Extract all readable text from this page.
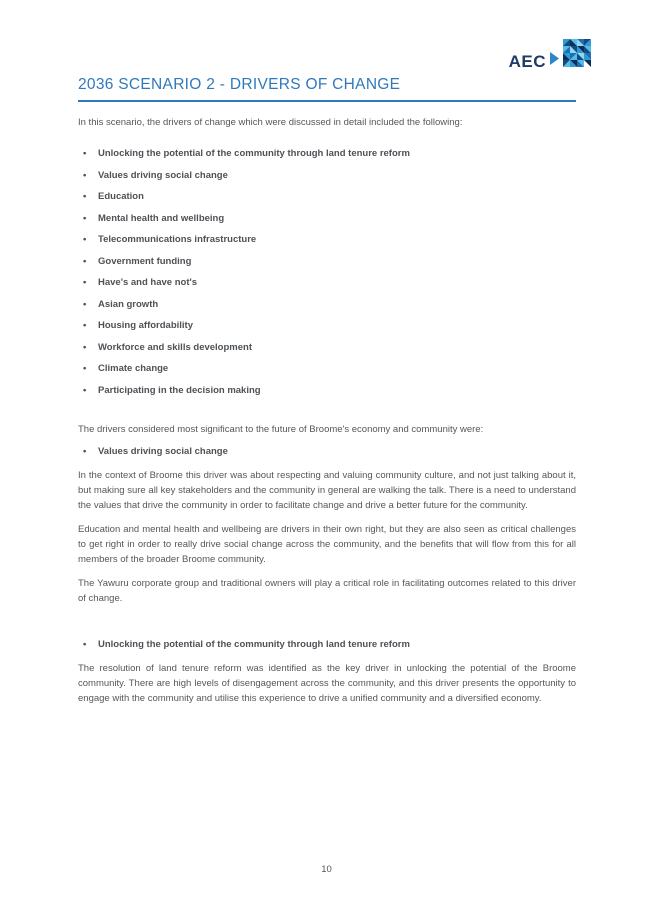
AEC
2036 SCENARIO 2 - DRIVERS OF CHANGE

In this scenario, the drivers of change which were discussed in detail included the following:

• Unlocking the potential of the community through land tenure reform
• Values driving social change
• Education
• Mental health and wellbeing
• Telecommunications infrastructure
• Government funding
• Have's and have not's
• Asian growth
• Housing affordability
• Workforce and skills development
• Climate change
• Participating in the decision making

The drivers considered most significant to the future of Broome's economy and community were:

• Values driving social change

In the context of Broome this driver was about respecting and valuing community culture, and not just talking about it, but making sure all key stakeholders and the community in general are walking the talk. There is a need to understand the values that drive the community in order to facilitate change and drive a better future for the community.

Education and mental health and wellbeing are drivers in their own right, but they are also seen as critical challenges to get right in order to really drive social change across the community, and the benefits that will flow from this for all members of the broader Broome community.

The Yawuru corporate group and traditional owners will play a critical role in facilitating outcomes related to this driver of change.

• Unlocking the potential of the community through land tenure reform

The resolution of land tenure reform was identified as the key driver in unlocking the potential of the Broome community. There are high levels of disengagement across the community, and this driver presents the opportunity to engage with the community and utilise this experience to drive a unified community and a diversified economy.

10
